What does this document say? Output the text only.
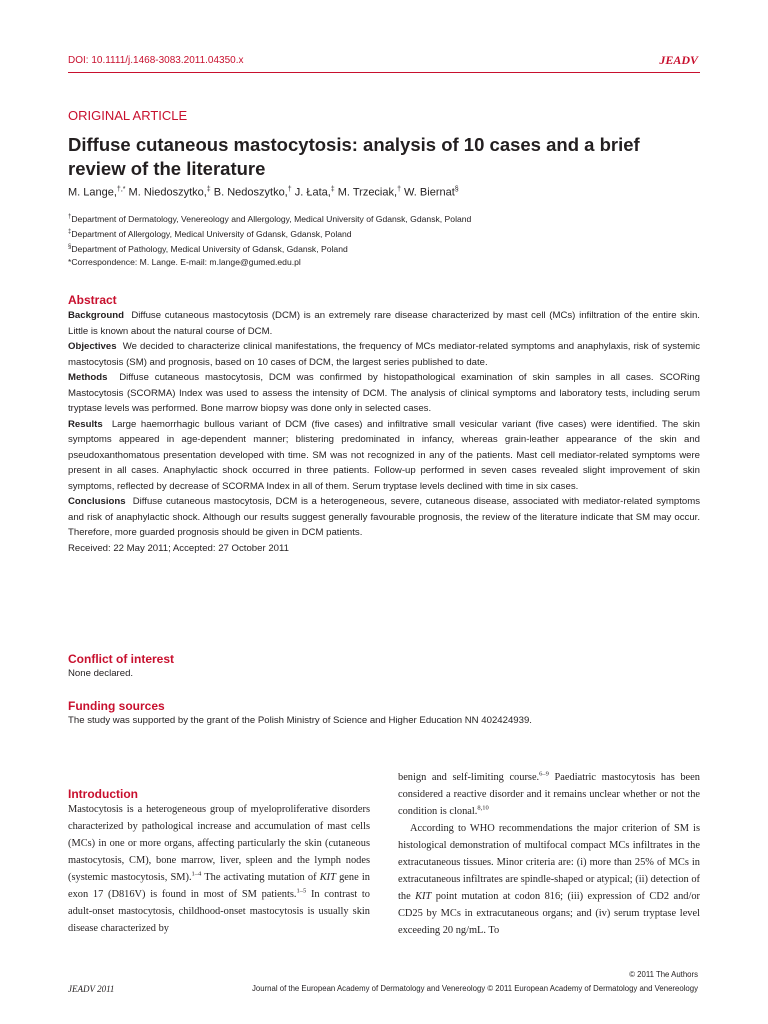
DOI: 10.1111/j.1468-3083.2011.04350.x	JEADV
ORIGINAL ARTICLE
Diffuse cutaneous mastocytosis: analysis of 10 cases and a brief review of the literature
M. Lange,†,* M. Niedoszytko,‡ B. Nedoszytko,† J. Łata,‡ M. Trzeciak,† W. Biernat§
†Department of Dermatology, Venereology and Allergology, Medical University of Gdansk, Gdansk, Poland
‡Department of Allergology, Medical University of Gdansk, Gdansk, Poland
§Department of Pathology, Medical University of Gdansk, Gdansk, Poland
*Correspondence: M. Lange. E-mail: m.lange@gumed.edu.pl
Abstract

Background Diffuse cutaneous mastocytosis (DCM) is an extremely rare disease characterized by mast cell (MCs) infiltration of the entire skin. Little is known about the natural course of DCM.

Objectives We decided to characterize clinical manifestations, the frequency of MCs mediator-related symptoms and anaphylaxis, risk of systemic mastocytosis (SM) and prognosis, based on 10 cases of DCM, the largest series published to date.

Methods Diffuse cutaneous mastocytosis, DCM was confirmed by histopathological examination of skin samples in all cases. SCORing Mastocytosis (SCORMA) Index was used to assess the intensity of DCM. The analysis of clinical symptoms and laboratory tests, including serum tryptase levels was performed. Bone marrow biopsy was done only in selected cases.

Results Large haemorrhagic bullous variant of DCM (five cases) and infiltrative small vesicular variant (five cases) were identified. The skin symptoms appeared in age-dependent manner; blistering predominated in infancy, whereas grain-leather appearance of the skin and pseudoxanthomatous presentation developed with time. SM was not recognized in any of the patients. Mast cell mediator-related symptoms were present in all cases. Anaphylactic shock occurred in three patients. Follow-up performed in seven cases revealed slight improvement of skin symptoms, reflected by decrease of SCORMA Index in all of them. Serum tryptase levels declined with time in six cases.

Conclusions Diffuse cutaneous mastocytosis, DCM is a heterogeneous, severe, cutaneous disease, associated with mediator-related symptoms and risk of anaphylactic shock. Although our results suggest generally favourable prognosis, the review of the literature indicate that SM may occur. Therefore, more guarded prognosis should be given in DCM patients.

Received: 22 May 2011; Accepted: 27 October 2011

Conflict of interest
None declared.
Funding sources
The study was supported by the grant of the Polish Ministry of Science and Higher Education NN 402424939.
Introduction

Mastocytosis is a heterogeneous group of myeloproliferative disorders characterized by pathological increase and accumulation of mast cells (MCs) in one or more organs, affecting particularly the skin (cutaneous mastocytosis, CM), bone marrow, liver, spleen and the lymph nodes (systemic mastocytosis, SM).$^{1-4}$ The activating mutation of KIT gene in exon 17 (D816V) is found in most of SM patients.$^{1-5}$ In contrast to adult-onset mastocytosis, childhood-onset mastocytosis is usually skin disease characterized by

benign and self-limiting course.$^{6-9}$ Paediatric mastocytosis has been considered a reactive disorder and it remains unclear whether or not the condition is clonal.$^{8,10}$

According to WHO recommendations the major criterion of SM is histological demonstration of multifocal compact MCs infiltrates in the extracutaneous tissues. Minor criteria are: (i) more than 25% of MCs in extracutaneous infiltrates are spindle-shaped or atypical; (ii) detection of the KIT point mutation at codon 816; (iii) expression of CD2 and/or CD25 by MCs in extracutaneous organs; and (iv) serum tryptase level exceeding 20 ng/mL. To

© 2011 The Authors
JEADV 2011	Journal of the European Academy of Dermatology and Venereology © 2011 European Academy of Dermatology and Venereology
